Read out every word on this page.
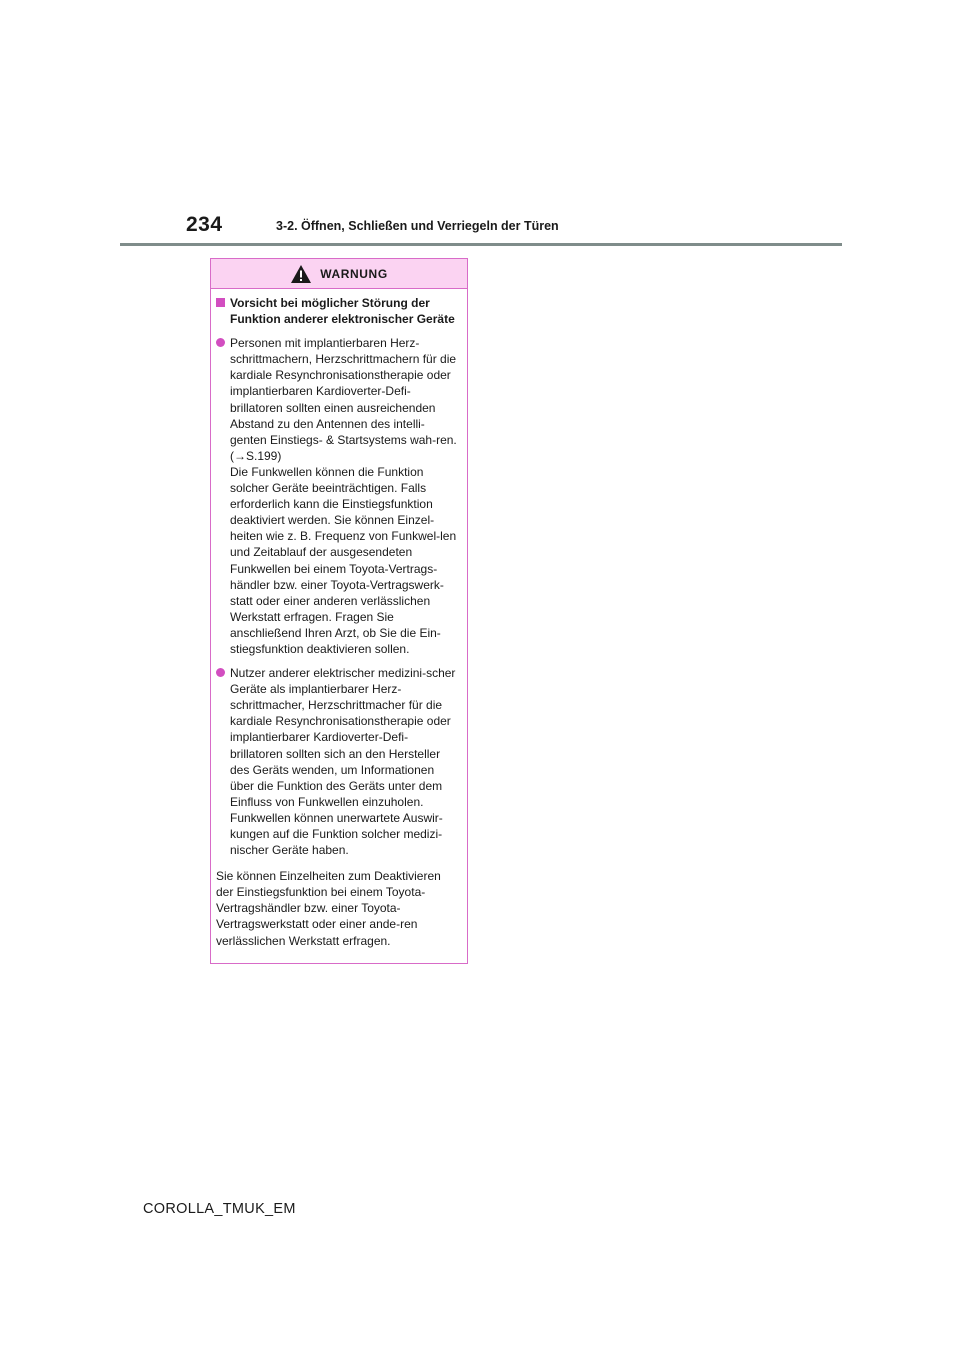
234	3-2. Öffnen, Schließen und Verriegeln der Türen
WARNUNG
Vorsicht bei möglicher Störung der Funktion anderer elektronischer Geräte

Personen mit implantierbaren Herz-schrittmachern, Herzschrittmachern für die kardiale Resynchronisationstherapie oder implantierbaren Kardioverter-Defi-brillatoren sollten einen ausreichenden Abstand zu den Antennen des intelli-genten Einstiegs- & Startsystems wah-ren. (→S.199)

Die Funkwellen können die Funktion solcher Geräte beeinträchtigen. Falls erforderlich kann die Einstiegsfunktion deaktiviert werden. Sie können Einzel-heiten wie z. B. Frequenz von Funkwel-len und Zeitablauf der ausgesendeten Funkwellen bei einem Toyota-Vertrags-händler bzw. einer Toyota-Vertragswerk-statt oder einer anderen verlässlichen Werkstatt erfragen. Fragen Sie anschließend Ihren Arzt, ob Sie die Ein-stiegsfunktion deaktivieren sollen.

Nutzer anderer elektrischer medizini-scher Geräte als implantierbarer Herz-schrittmacher, Herzschrittmacher für die kardiale Resynchronisationstherapie oder implantierbarer Kardioverter-Defi-brillatoren sollten sich an den Hersteller des Geräts wenden, um Informationen über die Funktion des Geräts unter dem Einfluss von Funkwellen einzuholen. Funkwellen können unerwartete Auswir-kungen auf die Funktion solcher medizi-nischer Geräte haben.

Sie können Einzelheiten zum Deaktivieren der Einstiegsfunktion bei einem Toyota-Vertragshändler bzw. einer Toyota-Vertragswerkstatt oder einer ande-ren verlässlichen Werkstatt erfragen.

COROLLA_TMUK_EM
